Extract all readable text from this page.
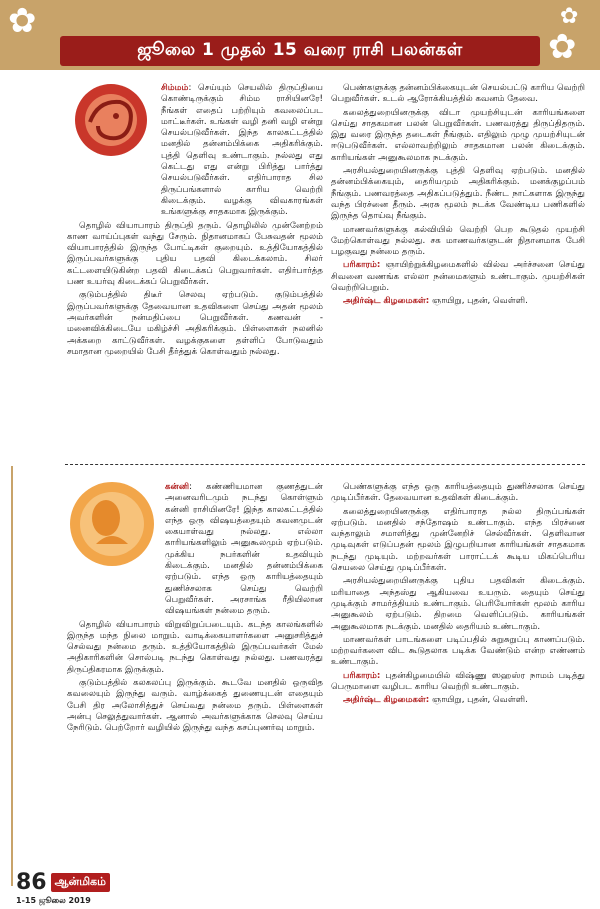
✿	✿
✿
ஜூலை 1 முதல் 15 வரை ராசி பலன்கள்

சிம்மம்: செய்யும் செயலில் திருப்தியை கொண்டிருக்கும் சிம்ம ராசியினரே! நீங்கள் எதைப் பற்றியும் கவலைப்பட மாட்டீர்கள். உங்கள் வழி தனி வழி என்று செயல்படுவீர்கள். இந்த காலகட்டத்தில் மனதில் தன்னம்பிக்கை அதிகரிக்கும். புத்தி தெளிவு உண்டாகும். நல்லது எது கெட்டது எது என்று பிரித்து பார்த்து செயல்படுவீர்கள். எதிர்பாராத சில திருப்பங்களால் காரிய வெற்றி கிடைக்கும். வழக்கு விவகாரங்கள் உங்களுக்கு சாதகமாக இருக்கும்.

தொழில் வியாபாரம் திருப்தி தரும். தொழிலில் முன்னேற்றம் காண வாய்ப்புகள் வந்து சேரும். நிதானமாகப் பேசுவதன் மூலம் வியாபாரத்தில் இருந்த போட்டிகள் குறையும். உத்தியோகத்தில் இருப்பவர்களுக்கு புதிய பதவி கிடைக்கலாம். சிலர் கட்டளையிடுகின்ற பதவி கிடைக்கப் பெறுவார்கள். எதிர்பார்த்த பண உயர்வு கிடைக்கப் பெறுவீர்கள்.

குடும்பத்தில் திடீர் செலவு ஏற்படும். குடும்பத்தில் இருப்பவர்களுக்கு தேவையான உதவிகளை செய்து அதன் மூலம் அவர்களின் நன்மதிப்பை பெறுவீர்கள். கணவன் - மனைவிக்கிடையே மகிழ்ச்சி அதிகரிக்கும். பிள்ளைகள் நலனில் அக்கறை காட்டுவீர்கள். வழக்குகளை தள்ளிப் போடுவதும் சமாதான முறையில் பேசி தீர்த்துக் கொள்வதும் நல்லது.

பெண்களுக்கு தன்னம்பிக்கையுடன் செயல்பட்டு காரிய வெற்றி பெறுவீர்கள். உடல் ஆரோக்கியத்தில் கவனம் தேவை.

கலைத்துறையினருக்கு விடா முயற்சியுடன் காரியங்களை செய்து சாதகமான பலன் பெறுவீர்கள். பணவரத்து திருப்திதரும். இது வரை இருந்த தடைகள் நீங்கும். எதிலும் முழு முயற்சியுடன் ஈடுபடுவீர்கள். எல்லாவற்றிலும் சாதகமான பலன் கிடைக்கும். காரியங்கள் அனுகூலமாக நடக்கும்.

அரசியல்துறையினருக்கு புத்தி தெளிவு ஏற்படும். மனதில் தன்னம்பிக்கையும், தைரியமும் அதிகரிக்கும். மனக்குழப்பம் நீங்கும். பணவரத்தை அதிகப்படுத்தும். நீண்ட நாட்களாக இருந்து வந்த பிரச்னை தீரும். அரசு மூலம் நடக்க வேண்டிய பணிகளில் இருந்த தொய்வு நீங்கும்.

மாணவர்களுக்கு கல்வியில் வெற்றி பெற கூடுதல் முயற்சி மேற்கொள்வது நல்லது. சக மாணவர்களுடன் நிதானமாக பேசி பழகுவது நன்மை தரும்.

பரிகாரம்: ஞாயிற்றுக்கிழமைகளில் வில்வ அர்ச்சனை செய்து சிவனை வணங்க எல்லா நன்மைகளும் உண்டாகும். முயற்சிகள் வெற்றிபெறும்.

அதிர்ஷ்ட கிழமைகள்: ஞாயிறு, புதன், வெள்ளி.

கன்னி: கண்ணியமான குணத்துடன் அனைவரிடமும் நடந்து கொள்ளும் கன்னி ராசியினரே! இந்த காலகட்டத்தில் எந்த ஒரு விஷயத்தையும் கவனமுடன் கையாள்வது நல்லது. எல்லா காரியங்களிலும் அனுகூலமும் ஏற்படும். முக்கிய நபர்களின் உதவியும் கிடைக்கும். மனதில் தன்னம்பிக்கை ஏற்படும். எந்த ஒரு காரியத்தையும் துணிச்சலாக செய்து வெற்றி பெறுவீர்கள். அரசாங்க ரீதியிலான விஷயங்கள் நன்மை தரும்.

தொழில் வியாபாரம் விறுவிறுப்படையும். கடந்த காலங்களில் இருந்த மந்த நிலை மாறும். வாடிக்கையாளர்களை அனுசரித்துச் செல்வது நன்மை தரும். உத்தியோகத்தில் இருப்பவர்கள் மேல் அதிகாரிகளின் சொல்படி நடந்து கொள்வது நல்லது. பணவரத்து திருப்திகரமாக இருக்கும்.

குடும்பத்தில் கலகலப்பு இருக்கும். கூடவே மனதில் ஒருவித கவலையும் இருந்து வரும். வாழ்க்கைத் துணையுடன் எதையும் பேசி திர அலோசித்துச் செய்வது நன்மை தரும். பிள்ளைகள் அன்பு செலுத்துவார்கள். ஆனால் அவர்களுக்காக செலவு செய்ய நேரிடும். பெற்றோர் வழியில் இருந்து வந்த கசப்புணர்வு மாறும்.

பெண்களுக்கு எந்த ஒரு காரியத்தையும் துணிச்சலாக செய்து முடிப்பீர்கள். தேவையான உதவிகள் கிடைக்கும்.

கலைத்துறையினருக்கு எதிர்பாராத நல்ல திருப்பங்கள் ஏற்படும். மனதில் சந்தோஷம் உண்டாகும். எந்த பிரச்னை வந்தாலும் சமாளித்து முன்னேறிச் செல்வீர்கள். தெளிவான முடிவுகள் எடுப்பதன் மூலம் இழுபறியான காரியங்கள் சாதகமாக நடந்து முடியும். மற்றவர்கள் பாராட்டக் கூடிய மிகப்பெரிய செயலை செய்து முடிப்பீர்கள்.

அரசியல்துறையினருக்கு புதிய பதவிகள் கிடைக்கும். மரியாதை அந்தஸ்து ஆகியவை உயரும். தையும் செய்து முடிக்கும் சாமர்த்தியம் உண்டாகும். பெரியோர்கள் மூலம் காரிய அனுகூலம் ஏற்படும். திறமை வெளிப்படும். காரியங்கள் அனுகூலமாக நடக்கும். மனதில் தைரியம் உண்டாகும்.

மாணவர்கள் பாடங்களை படிப்பதில் சுறுசுறுப்பு காணப்படும். மற்றவர்களை விட கூடுதலாக படிக்க வேண்டும் என்ற எண்ணம் உண்டாகும்.

பரிகாரம்: புதன்கிழமையில் விஷ்ணு ஸஹஸ்ர நாமம் படித்து பெருமாளை வழிபட காரிய வெற்றி உண்டாகும்.

அதிர்ஷ்ட கிழமைகள்: ஞாயிறு, புதன், வெள்ளி.

86 ஆன்மிகம்
1-15 ஜூலை 2019
